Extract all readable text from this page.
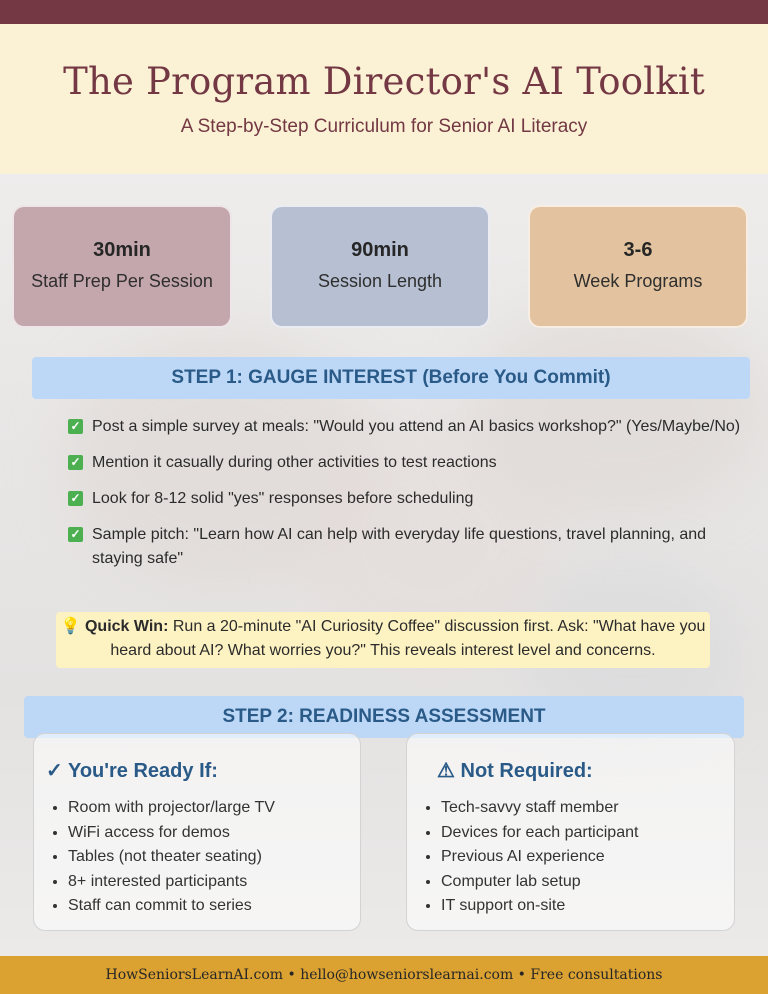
The Program Director's AI Toolkit
A Step-by-Step Curriculum for Senior AI Literacy
30min
Staff Prep Per Session
90min
Session Length
3-6
Week Programs
STEP 1: GAUGE INTEREST (Before You Commit)
✓ Post a simple survey at meals: "Would you attend an AI basics workshop?" (Yes/Maybe/No)
✓ Mention it casually during other activities to test reactions
✓ Look for 8-12 solid "yes" responses before scheduling
✓ Sample pitch: "Learn how AI can help with everyday life questions, travel planning, and staying safe"
💡 Quick Win: Run a 20-minute "AI Curiosity Coffee" discussion first. Ask: "What have you heard about AI? What worries you?" This reveals interest level and concerns.
STEP 2: READINESS ASSESSMENT
✓ You're Ready If:
• Room with projector/large TV
• WiFi access for demos
• Tables (not theater seating)
• 8+ interested participants
• Staff can commit to series
⚠ Not Required:
• Tech-savvy staff member
• Devices for each participant
• Previous AI experience
• Computer lab setup
• IT support on-site
HowSeniorsLearnAI.com • hello@howseniorslearnai.com • Free consultations
